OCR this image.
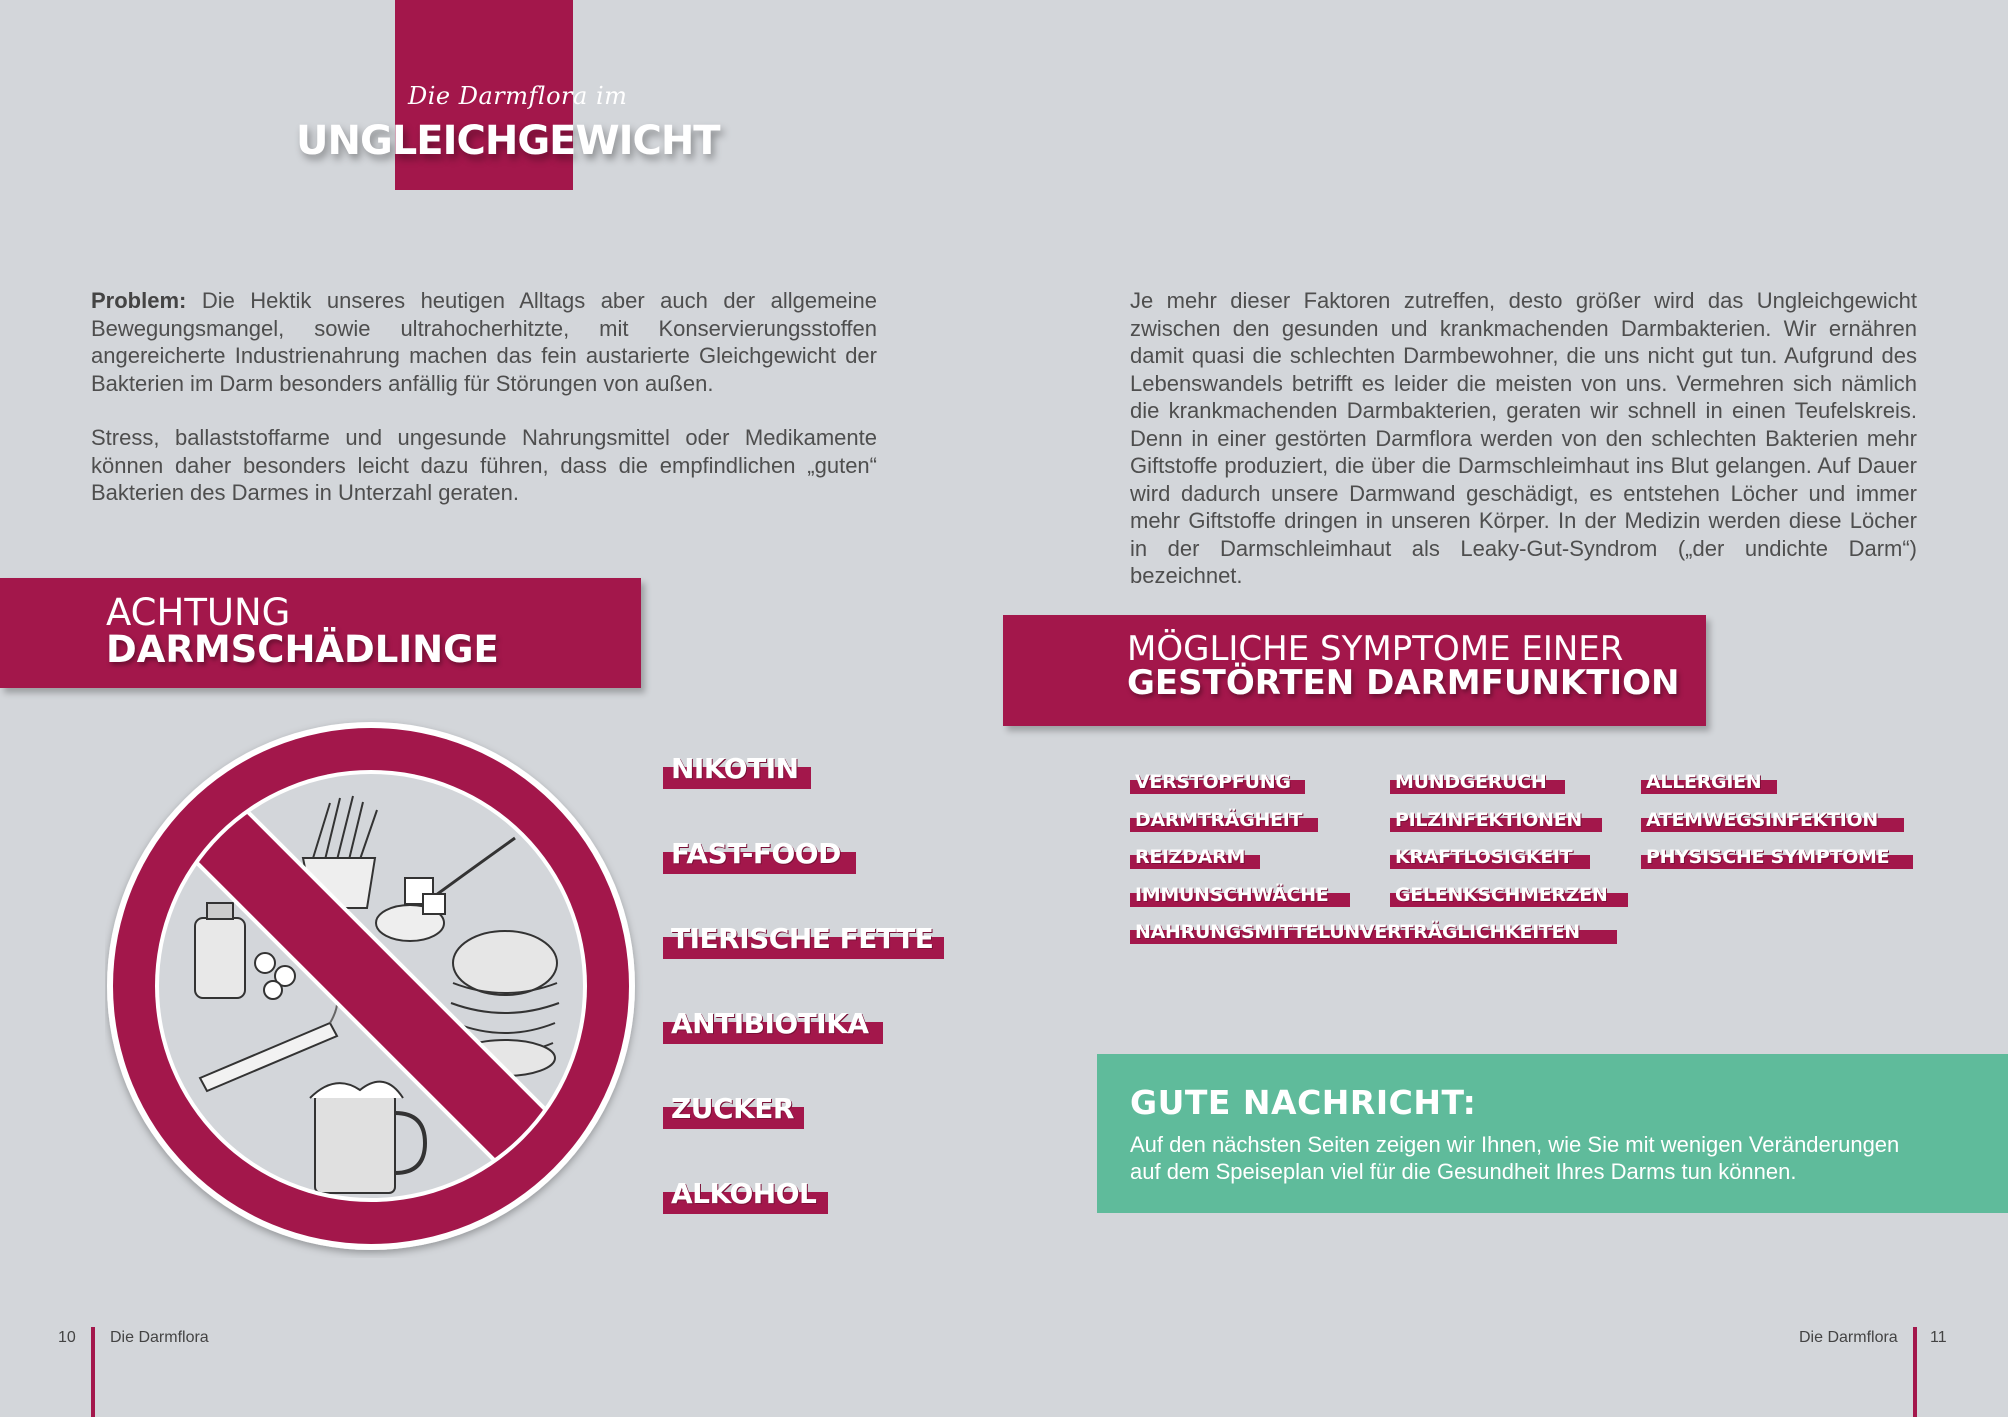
Die Darmflora im
UNGLEICHGEWICHT

Problem: Die Hektik unseres heutigen Alltags aber auch der allgemeine Bewegungsmangel, sowie ultrahocherhitzte, mit Konservierungsstoffen angereicherte Industrienahrung machen das fein austarierte Gleichgewicht der Bakterien im Darm besonders anfällig für Störungen von außen.

Stress, ballaststoffarme und ungesunde Nahrungsmittel oder Medikamente können daher besonders leicht dazu führen, dass die empfindlichen „guten“ Bakterien des Darmes in Unterzahl geraten.

Je mehr dieser Faktoren zutreffen, desto größer wird das Ungleichgewicht zwischen den gesunden und krankmachenden Darmbakterien. Wir ernähren damit quasi die schlechten Darmbewohner, die uns nicht gut tun. Aufgrund des Lebenswandels betrifft es leider die meisten von uns. Vermehren sich nämlich die krankmachenden Darmbakterien, geraten wir schnell in einen Teufelskreis. Denn in einer gestörten Darmflora werden von den schlechten Bakterien mehr Giftstoffe produziert, die über die Darmschleimhaut ins Blut gelangen. Auf Dauer wird dadurch unsere Darmwand geschädigt, es entstehen Löcher und immer mehr Giftstoffe dringen in unseren Körper. In der Medizin werden diese Löcher in der Darmschleimhaut als Leaky-Gut-Syndrom („der undichte Darm“) bezeichnet.

ACHTUNG
DARMSCHÄDLINGE
NIKOTIN
FAST-FOOD
TIERISCHE FETTE
ANTIBIOTIKA
ZUCKER
ALKOHOL
MÖGLICHE SYMPTOME EINER
GESTÖRTEN DARMFUNKTION
VERSTOPFUNG
DARMTRÄGHEIT
REIZDARM
IMMUNSCHWÄCHE
NAHRUNGSMITTELUNVERTRÄGLICHKEITEN
MUNDGERUCH
PILZINFEKTIONEN
KRAFTLOSIGKEIT
GELENKSCHMERZEN
ALLERGIEN
ATEMWEGSINFEKTION
PHYSISCHE SYMPTOME
GUTE NACHRICHT:

Auf den nächsten Seiten zeigen wir Ihnen, wie Sie mit wenigen Veränderungen auf dem Speiseplan viel für die Gesundheit Ihres Darms tun können.

10 Die Darmflora	Die Darmflora 11
